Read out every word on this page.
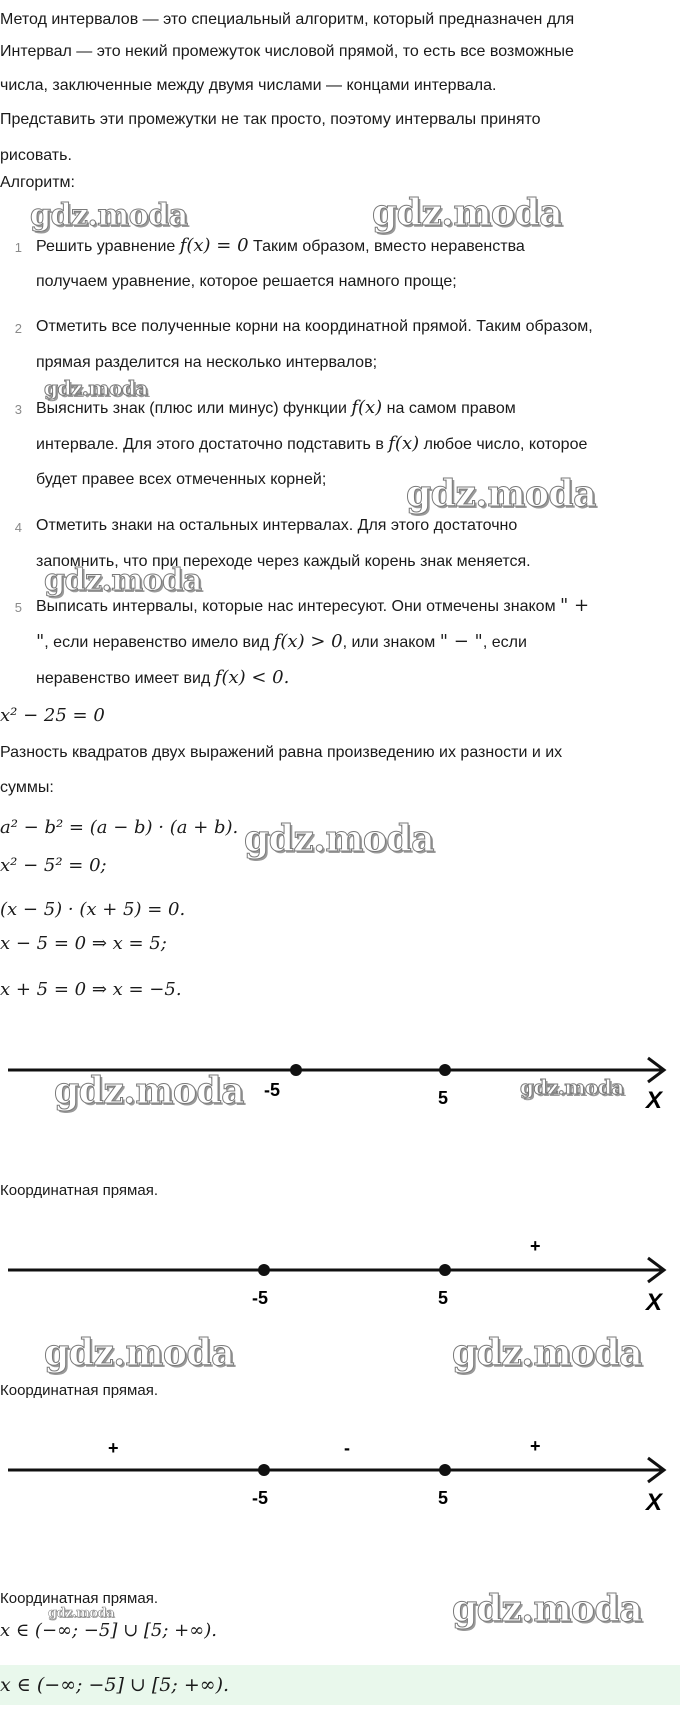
Метод интервалов — это специальный алгоритм, который предназначен для
Интервал — это некий промежуток числовой прямой, то есть все возможные
числа, заключенные между двумя числами — концами интервала.
Представить эти промежутки не так просто, поэтому интервалы принято
рисовать.
Алгоритм:
1 Решить уравнение f(x) = 0 Таким образом, вместо неравенства
получаем уравнение, которое решается намного проще;
2 Отметить все полученные корни на координатной прямой. Таким образом,
прямая разделится на несколько интервалов;
3 Выяснить знак (плюс или минус) функции f(x) на самом правом
интервале. Для этого достаточно подставить в f(x) любое число, которое
будет правее всех отмеченных корней;
4 Отметить знаки на остальных интервалах. Для этого достаточно
запомнить, что при переходе через каждый корень знак меняется.
5 Выписать интервалы, которые нас интересуют. Они отмечены знаком " +
", если неравенство имело вид f(x) > 0, или знаком " − ", если
неравенство имеет вид f(x) < 0.
x² − 25 = 0
Разность квадратов двух выражений равна произведению их разности и их
суммы:
a² − b² = (a − b) · (a + b).
x² − 5² = 0;
(x − 5) · (x + 5) = 0.
x − 5 = 0 ⇒ x = 5;
x + 5 = 0 ⇒ x = −5.
-5	5	X
Координатная прямая.
+
-5	5	X
Координатная прямая.
+	-	+
-5	5	X
Координатная прямая.
x ∈ (−∞; −5] ∪ [5; +∞).
x ∈ (−∞; −5] ∪ [5; +∞).
gdz.moda	gdz.moda
gdz.moda
gdz.moda
gdz.moda
gdz.moda
gdz.moda	gdz.moda
gdz.moda	gdz.moda
gdz.moda
gdz.moda
